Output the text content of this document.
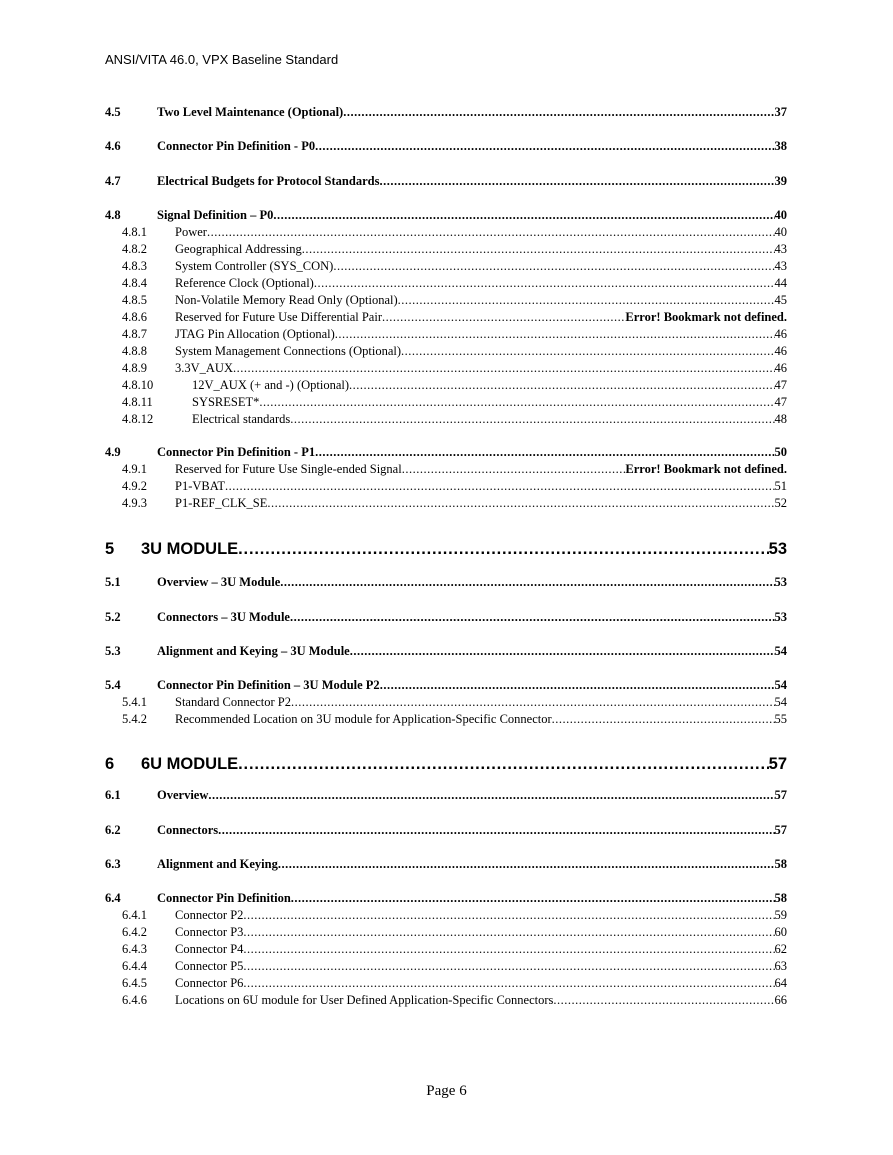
ANSI/VITA 46.0, VPX Baseline Standard
4.5	Two Level Maintenance (Optional) .....	37
4.6	Connector Pin Definition - P0 .....	38
4.7	Electrical Budgets for Protocol Standards .....	39
4.8	Signal Definition – P0 .....	40
4.8.1	Power .....	40
4.8.2	Geographical Addressing .....	43
4.8.3	System Controller (SYS_CON) .....	43
4.8.4	Reference Clock (Optional) .....	44
4.8.5	Non-Volatile Memory Read Only (Optional) .....	45
4.8.6	Reserved for Future Use Differential Pair .....	Error! Bookmark not defined.
4.8.7	JTAG Pin Allocation (Optional) .....	46
4.8.8	System Management Connections (Optional) .....	46
4.8.9	3.3V_AUX .....	46
4.8.10	12V_AUX (+ and -) (Optional) .....	47
4.8.11	SYSRESET* .....	47
4.8.12	Electrical standards .....	48
4.9	Connector Pin Definition - P1 .....	50
4.9.1	Reserved for Future Use Single-ended Signal .....	Error! Bookmark not defined.
4.9.2	P1-VBAT .....	51
4.9.3	P1-REF_CLK_SE .....	52
5	3U MODULE .....	53
5.1	Overview – 3U Module .....	53
5.2	Connectors – 3U Module .....	53
5.3	Alignment and Keying – 3U Module .....	54
5.4	Connector Pin Definition – 3U Module P2 .....	54
5.4.1	Standard Connector P2 .....	54
5.4.2	Recommended Location on 3U module for Application-Specific Connector .....	55
6	6U MODULE .....	57
6.1	Overview .....	57
6.2	Connectors .....	57
6.3	Alignment and Keying .....	58
6.4	Connector Pin Definition .....	58
6.4.1	Connector P2 .....	59
6.4.2	Connector P3 .....	60
6.4.3	Connector P4 .....	62
6.4.4	Connector P5 .....	63
6.4.5	Connector P6 .....	64
6.4.6	Locations on 6U module for User Defined Application-Specific Connectors .....	66
Page 6
